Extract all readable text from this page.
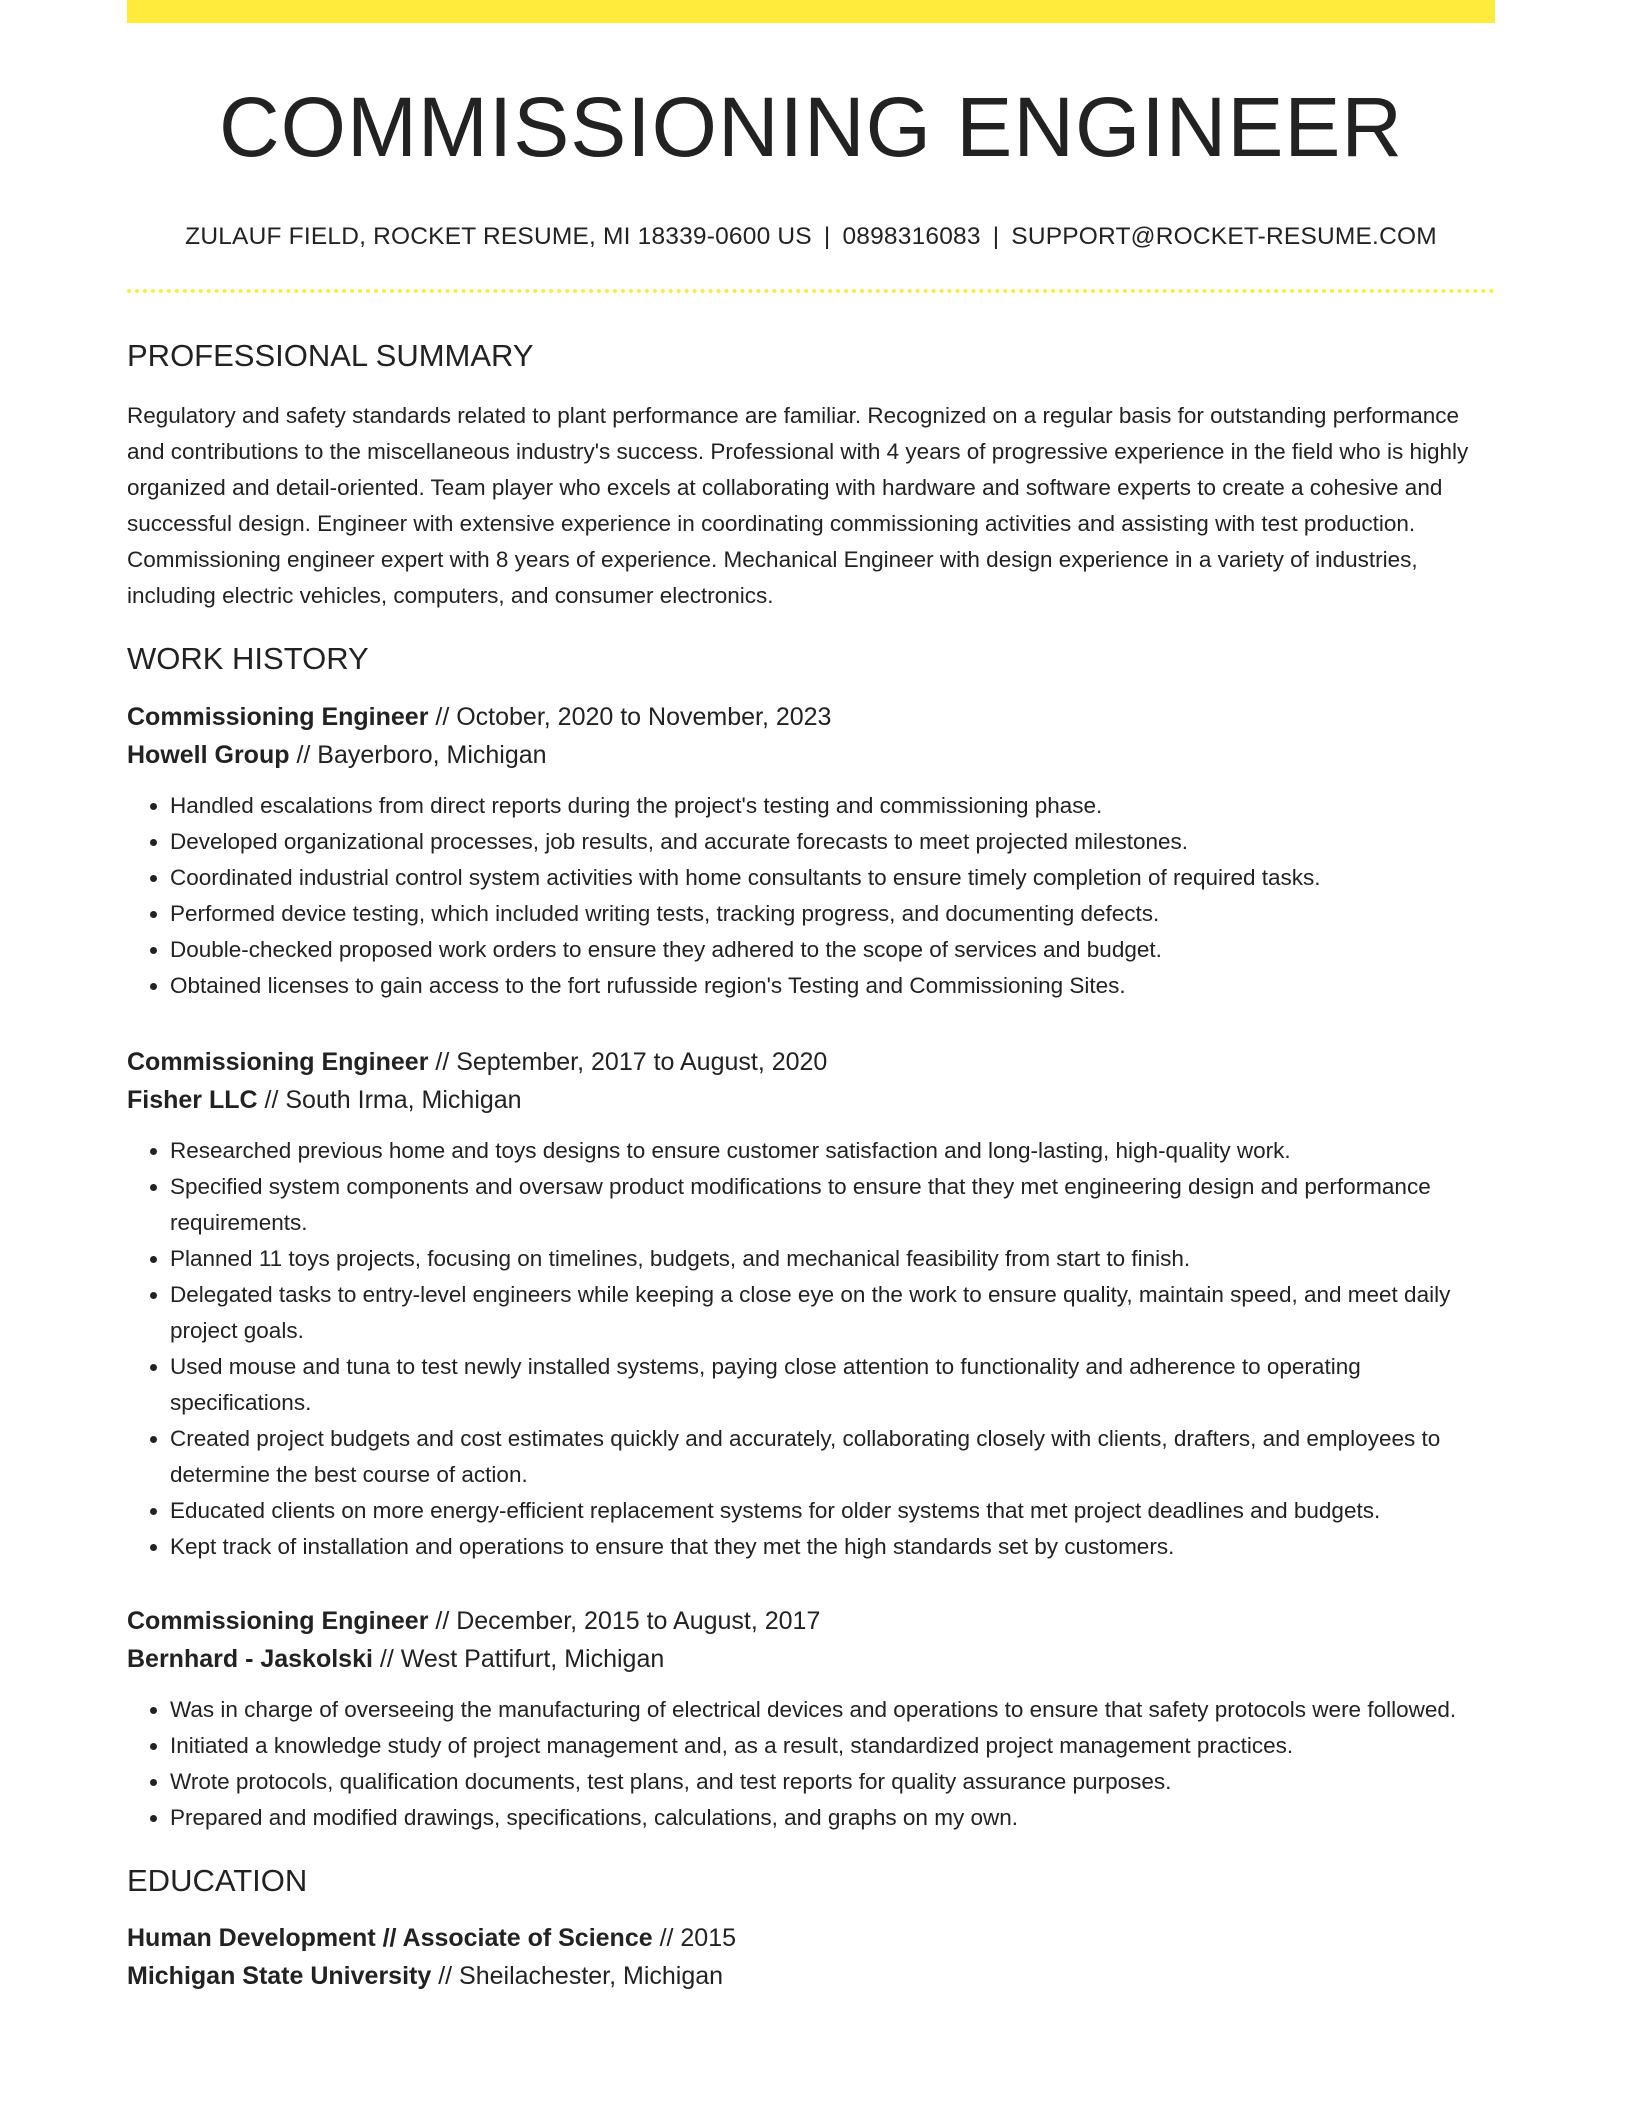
COMMISSIONING ENGINEER
ZULAUF FIELD, ROCKET RESUME, MI 18339-0600 US | 0898316083 | SUPPORT@ROCKET-RESUME.COM
PROFESSIONAL SUMMARY

Regulatory and safety standards related to plant performance are familiar. Recognized on a regular basis for outstanding performance and contributions to the miscellaneous industry's success. Professional with 4 years of progressive experience in the field who is highly organized and detail-oriented. Team player who excels at collaborating with hardware and software experts to create a cohesive and successful design. Engineer with extensive experience in coordinating commissioning activities and assisting with test production. Commissioning engineer expert with 8 years of experience. Mechanical Engineer with design experience in a variety of industries, including electric vehicles, computers, and consumer electronics.

WORK HISTORY
Commissioning Engineer // October, 2020 to November, 2023
Howell Group // Bayerboro, Michigan
• Handled escalations from direct reports during the project's testing and commissioning phase.
• Developed organizational processes, job results, and accurate forecasts to meet projected milestones.
• Coordinated industrial control system activities with home consultants to ensure timely completion of required tasks.
• Performed device testing, which included writing tests, tracking progress, and documenting defects.
• Double-checked proposed work orders to ensure they adhered to the scope of services and budget.
• Obtained licenses to gain access to the fort rufusside region's Testing and Commissioning Sites.
Commissioning Engineer // September, 2017 to August, 2020
Fisher LLC // South Irma, Michigan
• Researched previous home and toys designs to ensure customer satisfaction and long-lasting, high-quality work.
• Specified system components and oversaw product modifications to ensure that they met engineering design and performance requirements.
• Planned 11 toys projects, focusing on timelines, budgets, and mechanical feasibility from start to finish.
• Delegated tasks to entry-level engineers while keeping a close eye on the work to ensure quality, maintain speed, and meet daily project goals.
• Used mouse and tuna to test newly installed systems, paying close attention to functionality and adherence to operating specifications.
• Created project budgets and cost estimates quickly and accurately, collaborating closely with clients, drafters, and employees to determine the best course of action.
• Educated clients on more energy-efficient replacement systems for older systems that met project deadlines and budgets.
• Kept track of installation and operations to ensure that they met the high standards set by customers.
Commissioning Engineer // December, 2015 to August, 2017
Bernhard - Jaskolski // West Pattifurt, Michigan
• Was in charge of overseeing the manufacturing of electrical devices and operations to ensure that safety protocols were followed.
• Initiated a knowledge study of project management and, as a result, standardized project management practices.
• Wrote protocols, qualification documents, test plans, and test reports for quality assurance purposes.
• Prepared and modified drawings, specifications, calculations, and graphs on my own.
EDUCATION
Human Development // Associate of Science // 2015
Michigan State University // Sheilachester, Michigan
